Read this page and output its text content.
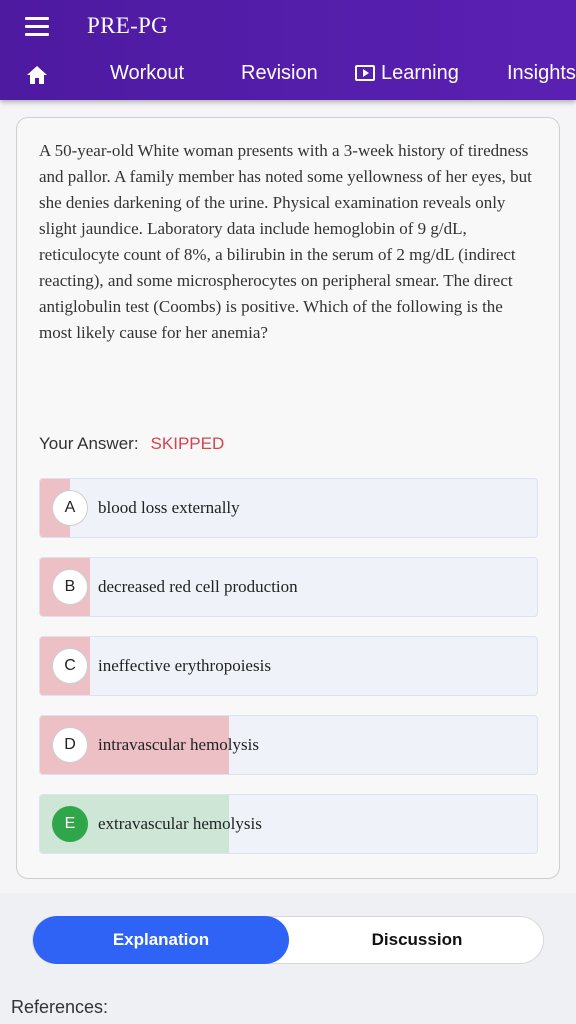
PRE-PG
Workout	Revision	Learning Insights
A 50-year-old White woman presents with a 3-week history of tiredness and pallor. A family member has noted some yellowness of her eyes, but she denies darkening of the urine. Physical examination reveals only slight jaundice. Laboratory data include hemoglobin of 9 g/dL, reticulocyte count of 8%, a bilirubin in the serum of 2 mg/dL (indirect reacting), and some microspherocytes on peripheral smear. The direct antiglobulin test (Coombs) is positive. Which of the following is the most likely cause for her anemia?
Your Answer: SKIPPED
A	blood loss externally
B	decreased red cell production
C	ineffective erythropoiesis
D	intravascular hemolysis
E	extravascular hemolysis
Explanation	Discussion
References:
